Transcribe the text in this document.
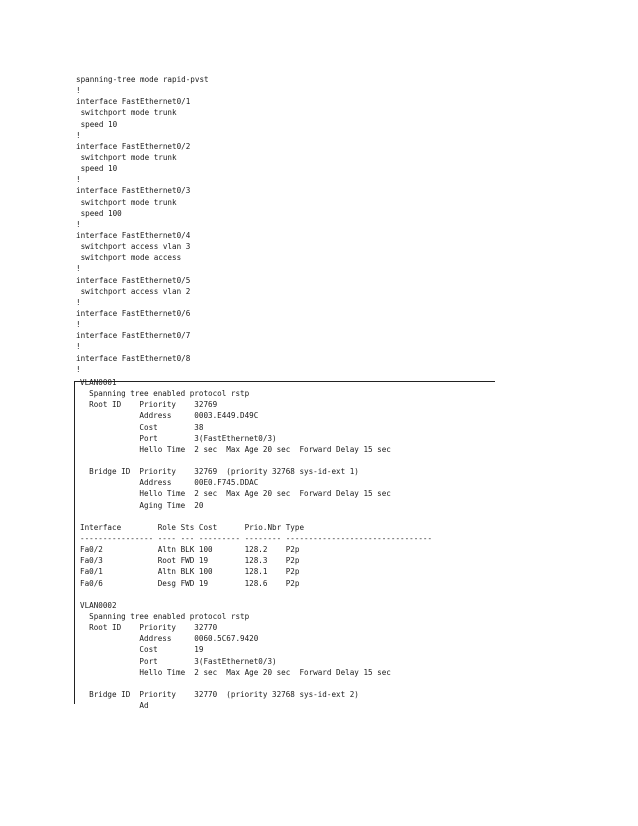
spanning-tree mode rapid-pvst
!
interface FastEthernet0/1
switchport mode trunk
speed 10
!
interface FastEthernet0/2
switchport mode trunk
speed 10
!
interface FastEthernet0/3
switchport mode trunk
speed 100
!
interface FastEthernet0/4
switchport access vlan 3
switchport mode access
!
interface FastEthernet0/5
switchport access vlan 2
!
interface FastEthernet0/6
!
interface FastEthernet0/7
!
interface FastEthernet0/8
!
VLAN0001
Spanning tree enabled protocol rstp
Root ID    Priority    32769
Address     0003.E449.D49C
Cost        38
Port        3(FastEthernet0/3)
Hello Time  2 sec  Max Age 20 sec  Forward Delay 15 sec
Bridge ID  Priority    32769  (priority 32768 sys-id-ext 1)
Address     00E0.F745.DDAC
Hello Time  2 sec  Max Age 20 sec  Forward Delay 15 sec
Aging Time  20
Interface        Role Sts Cost      Prio.Nbr Type
---------------- ---- --- --------- -------- --------------------------------
Fa0/2            Altn BLK 100       128.2    P2p
Fa0/3            Root FWD 19        128.3    P2p
Fa0/1            Altn BLK 100       128.1    P2p
Fa0/6            Desg FWD 19        128.6    P2p
VLAN0002
Spanning tree enabled protocol rstp
Root ID    Priority    32770
Address     0060.5C67.9420
Cost        19
Port        3(FastEthernet0/3)
Hello Time  2 sec  Max Age 20 sec  Forward Delay 15 sec
Bridge ID  Priority    32770  (priority 32768 sys-id-ext 2)
Ad
